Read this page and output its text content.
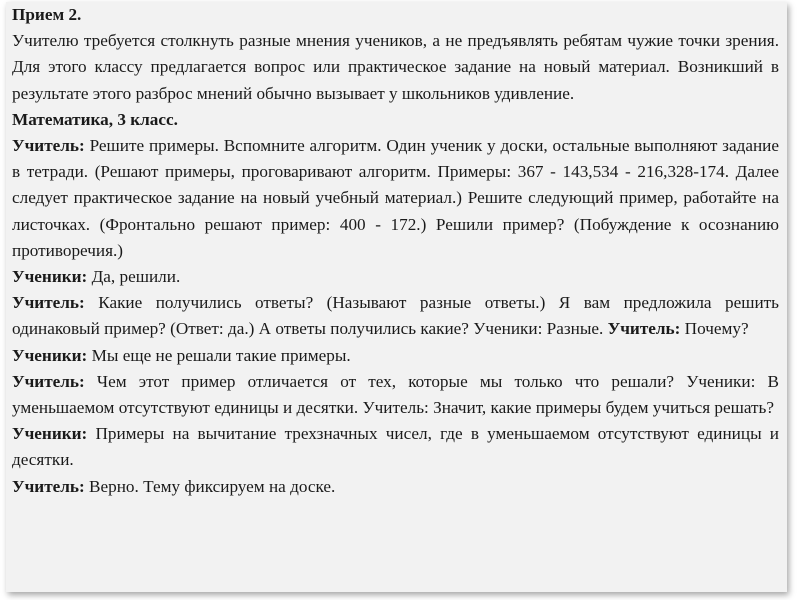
Прием 2.

Учителю требуется столкнуть разные мнения учеников, а не предъявлять ребятам чужие точки зрения. Для этого классу предлагается вопрос или практическое задание на новый материал. Возникший в результате этого разброс мнений обычно вызывает у школьников удивление.

Математика, 3 класс.

Учитель: Решите примеры. Вспомните алгоритм. Один ученик у доски, остальные выполняют задание в тетради. (Решают примеры, проговаривают алгоритм. Примеры: 367 - 143,534 - 216,328-174. Далее следует практическое задание на новый учебный материал.) Решите следующий пример, работайте на листочках. (Фронтально решают пример: 400 - 172.) Решили пример? (Побуждение к осознанию противоречия.)

Ученики: Да, решили.

Учитель: Какие получились ответы? (Называют разные ответы.) Я вам предложила решить одинаковый пример? (Ответ: да.) А ответы получились какие? Ученики: Разные. Учитель: Почему?

Ученики: Мы еще не решали такие примеры.

Учитель: Чем этот пример отличается от тех, которые мы только что решали? Ученики: В уменьшаемом отсутствуют единицы и десятки. Учитель: Значит, какие примеры будем учиться решать?

Ученики: Примеры на вычитание трехзначных чисел, где в уменьшаемом отсутствуют единицы и десятки.

Учитель: Верно. Тему фиксируем на доске.
